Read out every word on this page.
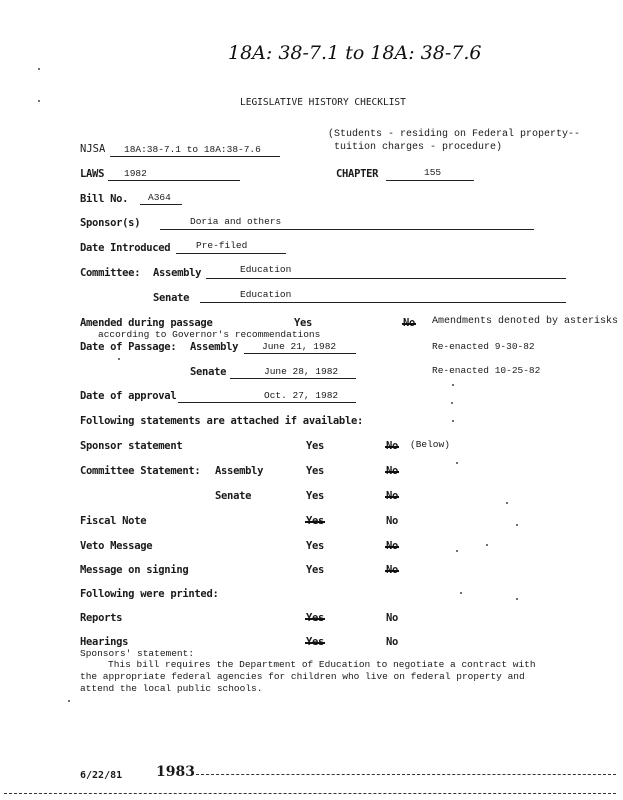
18A: 38-7.1 to 18A: 38-7.6
LEGISLATIVE HISTORY CHECKLIST
NJSA 18A:38-7.1 to 18A:38-7.6
(Students - residing on Federal property--
tuition charges - procedure)
LAWS 1982	CHAPTER	155
Bill No. A364
Sponsor(s)	Doria and others
Date Introduced	Pre-filed
Committee: Assembly	Education
Senate	Education
Amended during passage	Yes	No Amendments denoted by asterisks
according to Governor's recommendations
Date of Passage: Assembly	June 21, 1982	Re-enacted 9-30-82
Senate	June 28, 1982	Re-enacted 10-25-82
Date of approval	Oct. 27, 1982
Following statements are attached if available:
Sponsor statement	Yes	No (Below)
Committee Statement: Assembly	Yes	No
Senate	Yes	No
Fiscal Note	Yes	No
Veto Message	Yes	No
Message on signing	Yes	No
Following were printed:
Reports	Yes	No
Hearings	Yes	No
Sponsors' statement:
This bill requires the Department of Education to negotiate a contract with
the appropriate federal agencies for children who live on federal property and
attend the local public schools.
6/22/81 1983
